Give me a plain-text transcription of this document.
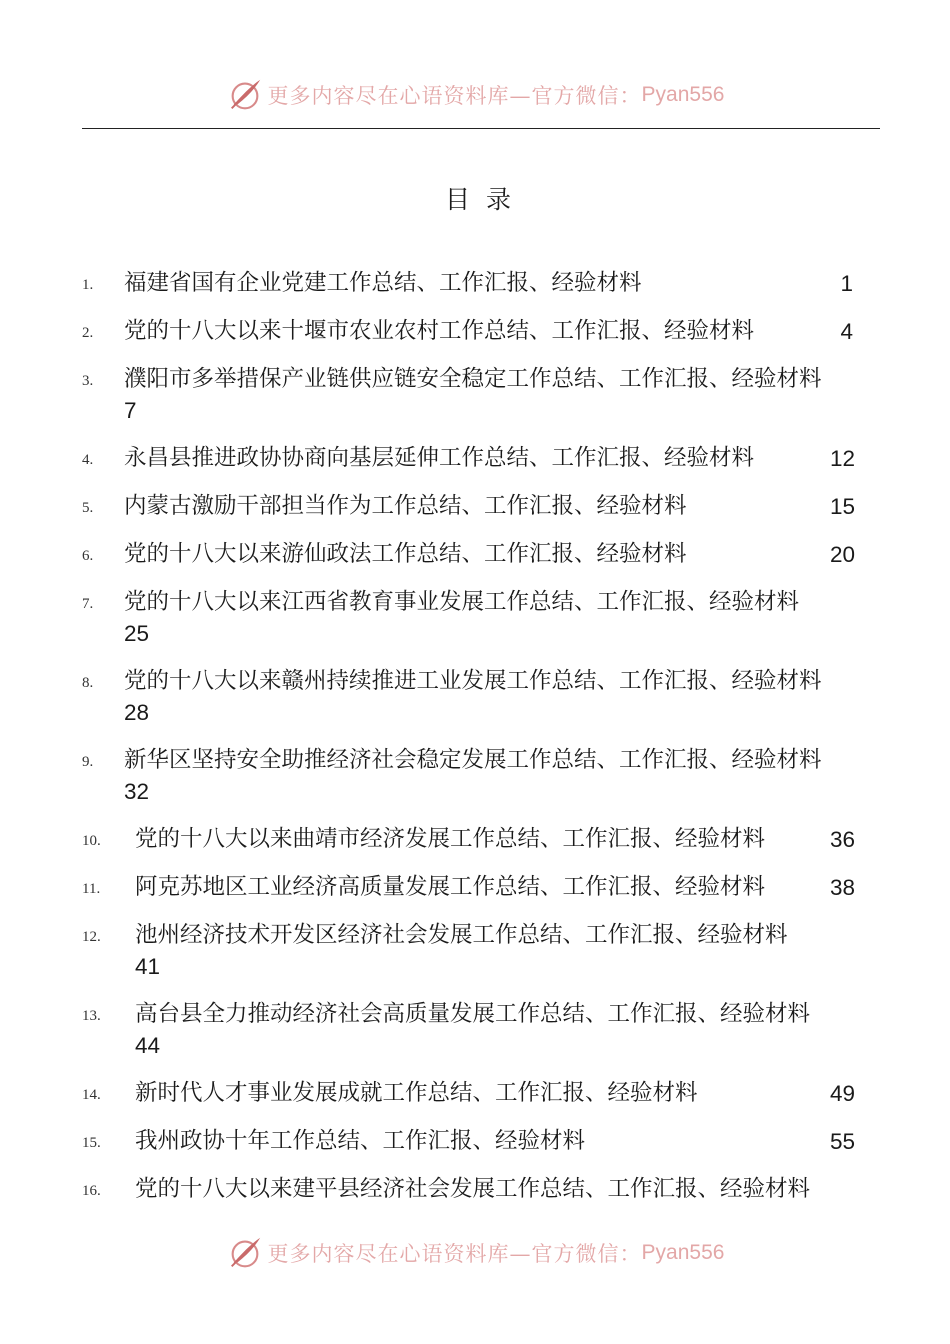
更多内容尽在心语资料库—官方微信： Pyan556
目 录
1. 福建省国有企业党建工作总结、工作汇报、经验材料	1
2. 党的十八大以来十堰市农业农村工作总结、工作汇报、经验材料	4
3. 濮阳市多举措保产业链供应链安全稳定工作总结、工作汇报、经验材料
7
4. 永昌县推进政协协商向基层延伸工作总结、工作汇报、经验材料	12
5. 内蒙古激励干部担当作为工作总结、工作汇报、经验材料	15
6. 党的十八大以来游仙政法工作总结、工作汇报、经验材料	20
7. 党的十八大以来江西省教育事业发展工作总结、工作汇报、经验材料
25
8. 党的十八大以来赣州持续推进工业发展工作总结、工作汇报、经验材料
28
9. 新华区坚持安全助推经济社会稳定发展工作总结、工作汇报、经验材料
32
10. 党的十八大以来曲靖市经济发展工作总结、工作汇报、经验材料	36
11. 阿克苏地区工业经济高质量发展工作总结、工作汇报、经验材料	38
12. 池州经济技术开发区经济社会发展工作总结、工作汇报、经验材料
41
13. 高台县全力推动经济社会高质量发展工作总结、工作汇报、经验材料
44
14. 新时代人才事业发展成就工作总结、工作汇报、经验材料	49
15. 我州政协十年工作总结、工作汇报、经验材料	55
16. 党的十八大以来建平县经济社会发展工作总结、工作汇报、经验材料
更多内容尽在心语资料库—官方微信： Pyan556
